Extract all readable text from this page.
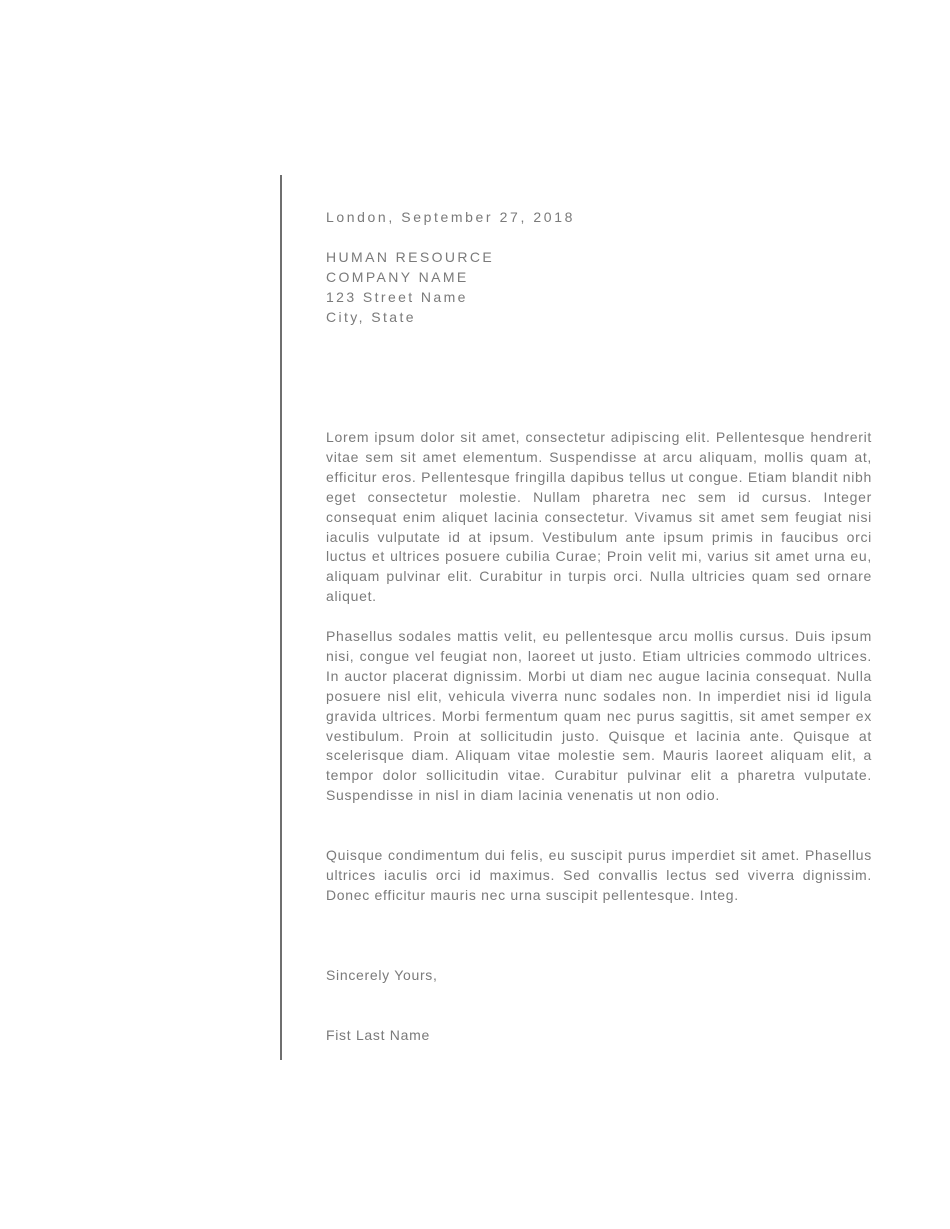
London, September 27, 2018

HUMAN RESOURCE
COMPANY NAME
123 Street Name
City, State

Lorem ipsum dolor sit amet, consectetur adipiscing elit. Pellentesque hendrerit vitae sem sit amet elementum. Suspendisse at arcu aliquam, mollis quam at, efficitur eros. Pellentesque fringilla dapibus tellus ut congue. Etiam blandit nibh eget consectetur molestie. Nullam pharetra nec sem id cursus. Integer consequat enim aliquet lacinia consectetur. Vivamus sit amet sem feugiat nisi iaculis vulputate id at ipsum. Vestibulum ante ipsum primis in faucibus orci luctus et ultrices posuere cubilia Curae; Proin velit mi, varius sit amet urna eu, aliquam pulvinar elit. Curabitur in turpis orci. Nulla ultricies quam sed ornare aliquet.

Phasellus sodales mattis velit, eu pellentesque arcu mollis cursus. Duis ipsum nisi, congue vel feugiat non, laoreet ut justo. Etiam ultricies commodo ultrices. In auctor placerat dignissim. Morbi ut diam nec augue lacinia consequat. Nulla posuere nisl elit, vehicula viverra nunc sodales non. In imperdiet nisi id ligula gravida ultrices. Morbi fermentum quam nec purus sagittis, sit amet semper ex vestibulum. Proin at sollicitudin justo. Quisque et lacinia ante. Quisque at scelerisque diam. Aliquam vitae molestie sem. Mauris laoreet aliquam elit, a tempor dolor sollicitudin vitae. Curabitur pulvinar elit a pharetra vulputate. Suspendisse in nisl in diam lacinia venenatis ut non odio.

Quisque condimentum dui felis, eu suscipit purus imperdiet sit amet. Phasellus ultrices iaculis orci id maximus. Sed convallis lectus sed viverra dignissim. Donec efficitur mauris nec urna suscipit pellentesque. Integ.

Sincerely Yours,

Fist Last Name
